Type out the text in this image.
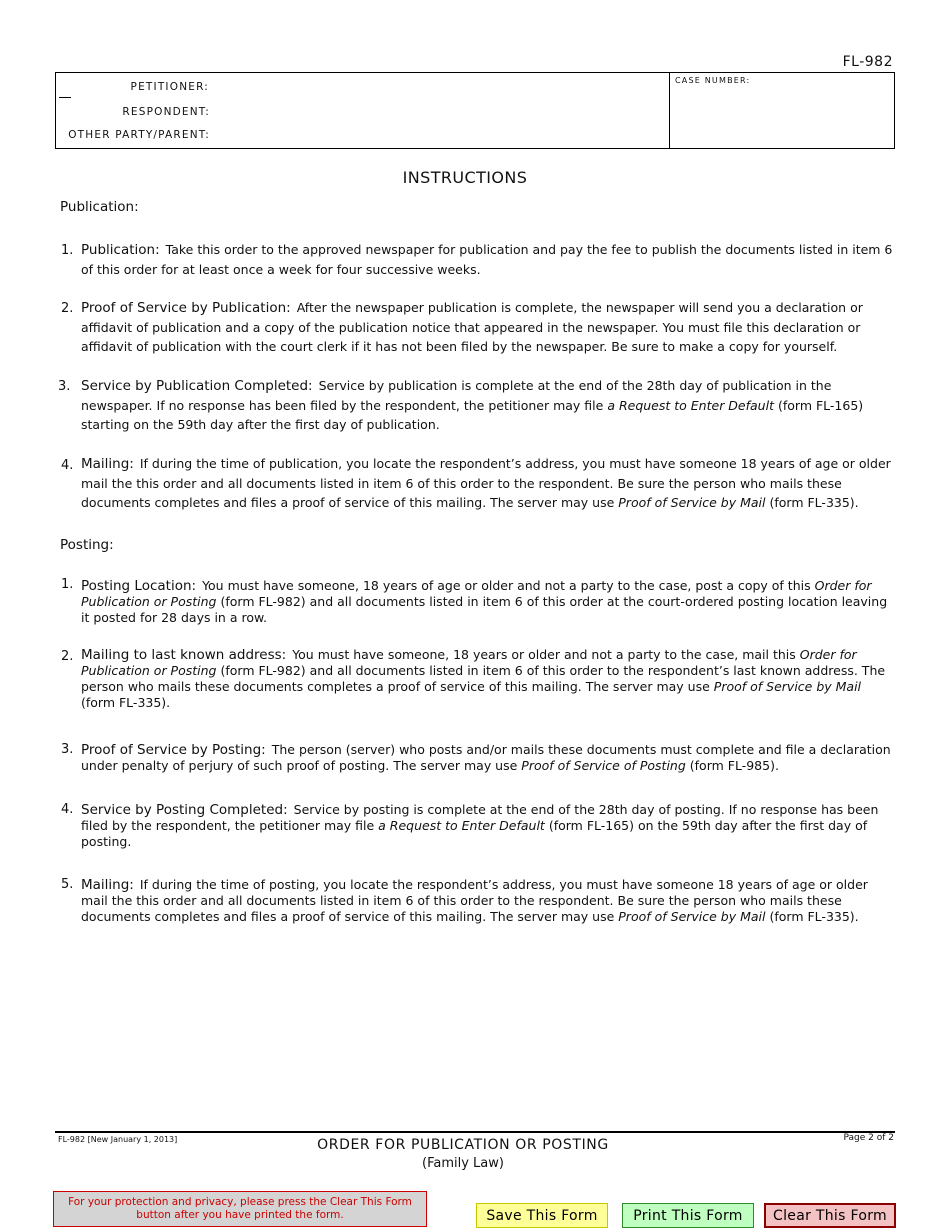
FL-982
PETITIONER:
RESPONDENT:
OTHER PARTY/PARENT:
CASE NUMBER:
INSTRUCTIONS
Publication:
1. Publication: Take this order to the approved newspaper for publication and pay the fee to publish the documents listed in item 6 of this order for at least once a week for four successive weeks.
2. Proof of Service by Publication: After the newspaper publication is complete, the newspaper will send you a declaration or affidavit of publication and a copy of the publication notice that appeared in the newspaper. You must file this declaration or affidavit of publication with the court clerk if it has not been filed by the newspaper. Be sure to make a copy for yourself.
3. Service by Publication Completed: Service by publication is complete at the end of the 28th day of publication in the newspaper. If no response has been filed by the respondent, the petitioner may file a Request to Enter Default (form FL-165) starting on the 59th day after the first day of publication.
4. Mailing: If during the time of publication, you locate the respondent’s address, you must have someone 18 years of age or older mail the this order and all documents listed in item 6 of this order to the respondent. Be sure the person who mails these documents completes and files a proof of service of this mailing. The server may use Proof of Service by Mail (form FL-335).
Posting:
1. Posting Location: You must have someone, 18 years of age or older and not a party to the case, post a copy of this Order for Publication or Posting (form FL-982) and all documents listed in item 6 of this order at the court-ordered posting location leaving it posted for 28 days in a row.
2. Mailing to last known address: You must have someone, 18 years or older and not a party to the case, mail this Order for Publication or Posting (form FL-982) and all documents listed in item 6 of this order to the respondent’s last known address. The person who mails these documents completes a proof of service of this mailing. The server may use Proof of Service by Mail (form FL-335).
3. Proof of Service by Posting: The person (server) who posts and/or mails these documents must complete and file a declaration under penalty of perjury of such proof of posting. The server may use Proof of Service of Posting (form FL-985).
4. Service by Posting Completed: Service by posting is complete at the end of the 28th day of posting. If no response has been filed by the respondent, the petitioner may file a Request to Enter Default (form FL-165) on the 59th day after the first day of posting.
5. Mailing: If during the time of posting, you locate the respondent’s address, you must have someone 18 years of age or older mail the this order and all documents listed in item 6 of this order to the respondent. Be sure the person who mails these documents completes and files a proof of service of this mailing. The server may use Proof of Service by Mail (form FL-335).
FL-982 [New January 1, 2013]	Page 2 of 2
ORDER FOR PUBLICATION OR POSTING
(Family Law)
For your protection and privacy, please press the Clear This Form button after you have printed the form.	Save This Form	Print This Form	Clear This Form
